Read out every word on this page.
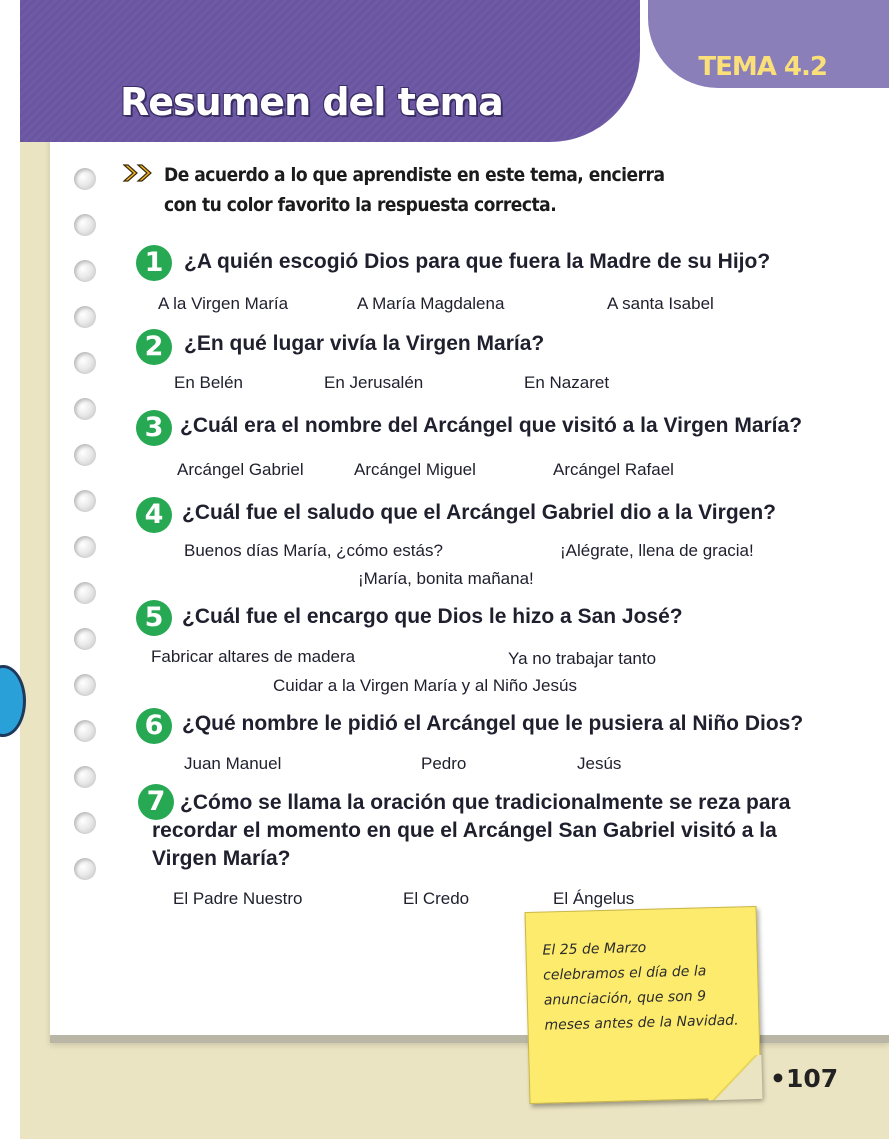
TEMA 4.2
Resumen del tema
De acuerdo a lo que aprendiste en este tema, encierra con tu color favorito la respuesta correcta.
1 ¿A quién escogió Dios para que fuera la Madre de su Hijo?
A la Virgen María	A María Magdalena	A santa Isabel
2 ¿En qué lugar vivía la Virgen María?
En Belén	En Jerusalén	En Nazaret
3 ¿Cuál era el nombre del Arcángel que visitó a la Virgen María?
Arcángel Gabriel	Arcángel Miguel	Arcángel Rafael
4 ¿Cuál fue el saludo que el Arcángel Gabriel dio a la Virgen?
Buenos días María, ¿cómo estás?	¡Alégrate, llena de gracia!
¡María, bonita mañana!
5 ¿Cuál fue el encargo que Dios le hizo a San José?
Fabricar altares de madera	Ya no trabajar tanto
Cuidar a la Virgen María y al Niño Jesús
6 ¿Qué nombre le pidió el Arcángel que le pusiera al Niño Dios?
Juan Manuel	Pedro	Jesús
7 ¿Cómo se llama la oración que tradicionalmente se reza para
recordar el momento en que el Arcángel San Gabriel visitó a la
Virgen María?
El Padre Nuestro	El Credo	El Ángelus
El 25 de Marzo
celebramos el día de la
anunciación, que son 9
meses antes de la Navidad.
•107
